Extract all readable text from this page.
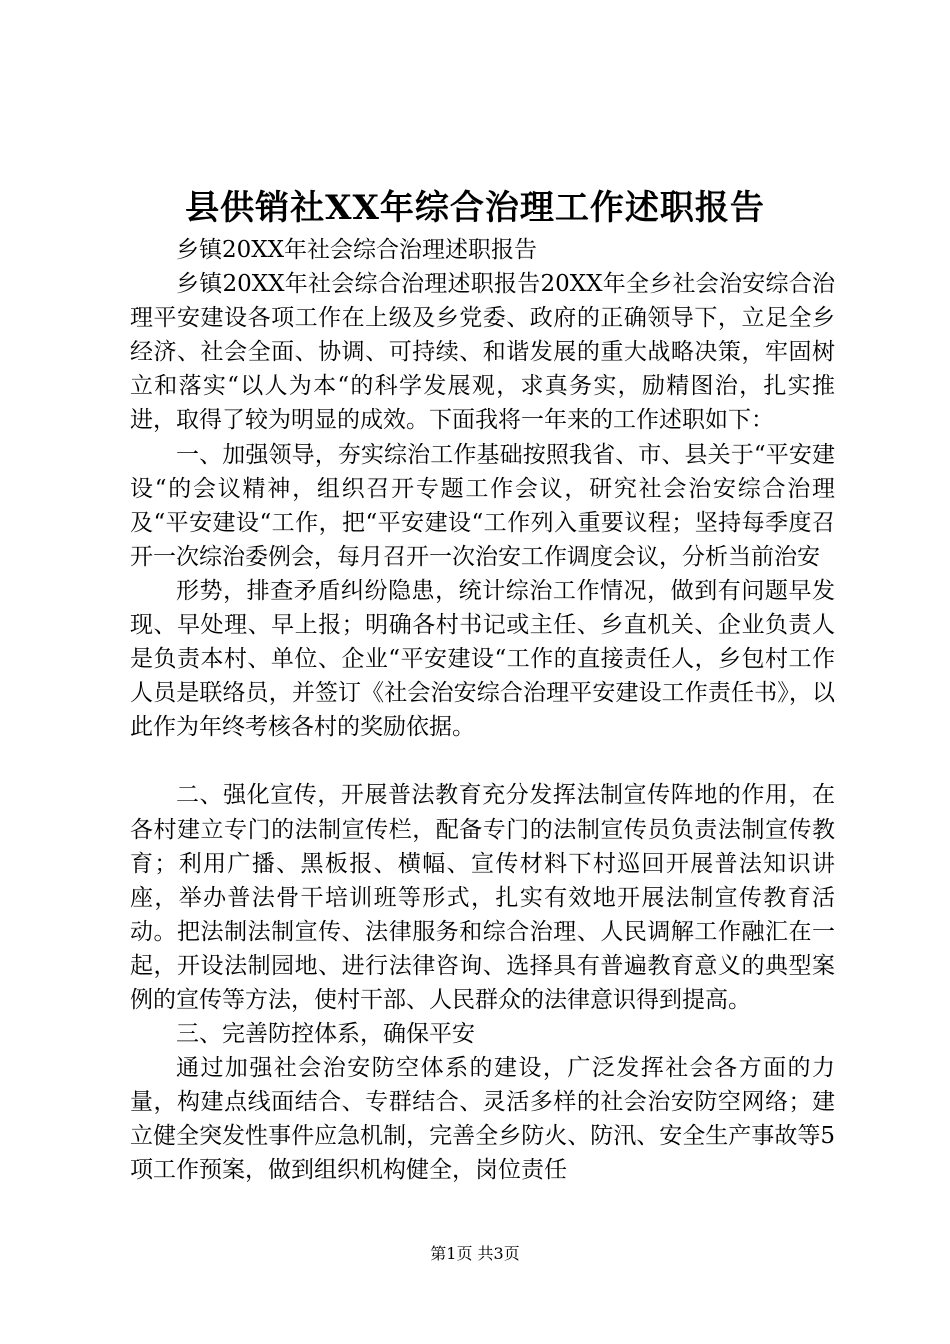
县供销社XX年综合治理工作述职报告

乡镇20XX年社会综合治理述职报告

乡镇20XX年社会综合治理述职报告20XX年全乡社会治安综合治理平安建设各项工作在上级及乡党委、政府的正确领导下，立足全乡经济、社会全面、协调、可持续、和谐发展的重大战略决策，牢固树立和落实“以人为本“的科学发展观，求真务实，励精图治，扎实推进，取得了较为明显的成效。下面我将一年来的工作述职如下：

一、加强领导，夯实综治工作基础按照我省、市、县关于“平安建设“的会议精神，组织召开专题工作会议，研究社会治安综合治理及“平安建设“工作，把“平安建设“工作列入重要议程；坚持每季度召开一次综治委例会，每月召开一次治安工作调度会议，分析当前治安

形势，排查矛盾纠纷隐患，统计综治工作情况，做到有问题早发现、早处理、早上报；明确各村书记或主任、乡直机关、企业负责人是负责本村、单位、企业“平安建设“工作的直接责任人，乡包村工作人员是联络员，并签订《社会治安综合治理平安建设工作责任书》，以此作为年终考核各村的奖励依据。

二、强化宣传，开展普法教育充分发挥法制宣传阵地的作用，在各村建立专门的法制宣传栏，配备专门的法制宣传员负责法制宣传教育；利用广播、黑板报、横幅、宣传材料下村巡回开展普法知识讲座，举办普法骨干培训班等形式，扎实有效地开展法制宣传教育活动。把法制法制宣传、法律服务和综合治理、人民调解工作融汇在一起，开设法制园地、进行法律咨询、选择具有普遍教育意义的典型案例的宣传等方法，使村干部、人民群众的法律意识得到提高。

三、完善防控体系，确保平安

通过加强社会治安防空体系的建设，广泛发挥社会各方面的力量，构建点线面结合、专群结合、灵活多样的社会治安防空网络；建立健全突发性事件应急机制，完善全乡防火、防汛、安全生产事故等5项工作预案，做到组织机构健全，岗位责任

第1页 共3页
